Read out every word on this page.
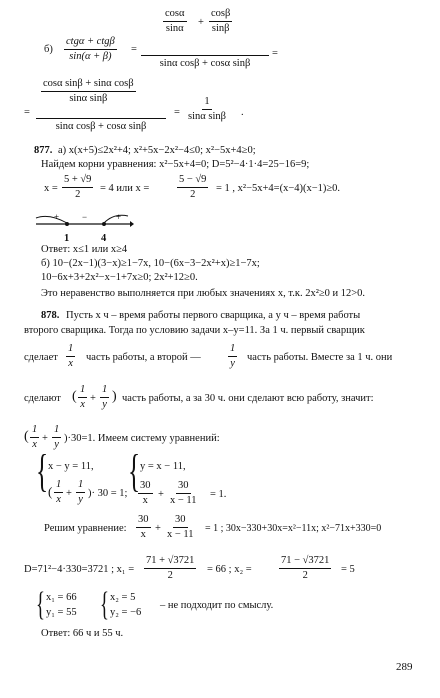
б)
ctgα + ctgβ
sin(α + β)
=
$\frac{\cos\alpha}{\sin\alpha} + \frac{\cos\beta}{\sin\beta}$
sinα cosβ + cosα sinβ
=
=
$\frac{\text{cosα sinβ + sinα cosβ}}{\text{sinα sinβ}}$
sinα cosβ + cosα sinβ
= $\frac{1}{\text{sinα sinβ}}$ .
877. а) x(x+5)≤2x²+4; x²+5x−2x²−4≤0; x²−5x+4≥0;
Найдем корни уравнения: x²−5x+4=0; D=5²−4·1·4=25−16=9;
$x = \frac{5 + √9}{2} = 4$ или x =	$\frac{5 - √9}{2} = 1$ , x²−5x+4=(x−4)(x−1)≥0.
+	−	+
1	4
Ответ: x≤1 или x≥4
б) 10−(2x−1)(3−x)≥1−7x, 10−(6x−3−2x²+x)≥1−7x;
10−6x+3+2x²−x−1+7x≥0; 2x²+12≥0.
Это неравенство выполняется при любых значениях x, т.к. 2x²≥0 и 12>0.
878. Пусть x ч – время работы первого сварщика, а y ч – время работы
второго сварщика. Тогда по условию задачи x–y=11. За 1 ч. первый сварщик
сделает $\frac{1}{x}$ часть работы, а второй —	$\frac{1}{y}$ часть работы. Вместе за 1 ч. они
сделают ( $\frac{1}{x} + \frac{1}{y}$ ) часть работы, а за 30 ч. они сделают всю работу, значит:
( $\frac{1}{x} + \frac{1}{y} )\cdot 30=1$. Имеем систему уравнений:
{ x − y = 11,
( $\frac{1}{x} + \frac{1}{y}$ )· 30 = 1; { y = x − 11,
$\frac{30}{x} + \frac{30}{x - 11} = 1$.
Решим уравнение: $\frac{30}{x} + \frac{30}{x - 11} = 1$ ; 30x−330+30x=x²−11x; x²−71x+330=0
D=71²−4·330=3721 ; $x_1 = \frac{71 + √3721}{2} = 66$ ; x₂ =	$\frac{71 - √3721}{2} = 5$
{ x₁ = 66
y₁ = 55 { x₂ = 5
y₂ = −6
– не подходит по смыслу.
Ответ: 66 ч и 55 ч.
289
